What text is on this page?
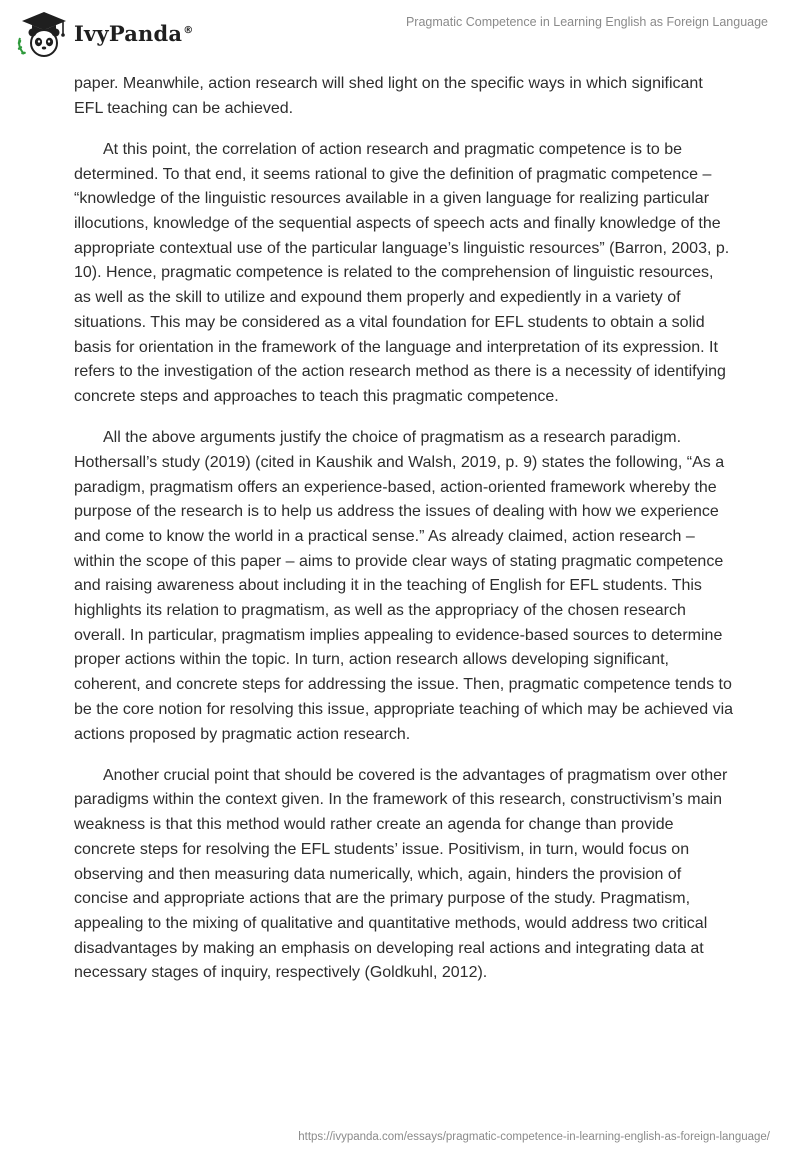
IvyPanda®
Pragmatic Competence in Learning English as Foreign Language

paper. Meanwhile, action research will shed light on the specific ways in which significant EFL teaching can be achieved.

At this point, the correlation of action research and pragmatic competence is to be determined. To that end, it seems rational to give the definition of pragmatic competence – “knowledge of the linguistic resources available in a given language for realizing particular illocutions, knowledge of the sequential aspects of speech acts and finally knowledge of the appropriate contextual use of the particular language’s linguistic resources” (Barron, 2003, p. 10). Hence, pragmatic competence is related to the comprehension of linguistic resources, as well as the skill to utilize and expound them properly and expediently in a variety of situations. This may be considered as a vital foundation for EFL students to obtain a solid basis for orientation in the framework of the language and interpretation of its expression. It refers to the investigation of the action research method as there is a necessity of identifying concrete steps and approaches to teach this pragmatic competence.

All the above arguments justify the choice of pragmatism as a research paradigm. Hothersall’s study (2019) (cited in Kaushik and Walsh, 2019, p. 9) states the following, “As a paradigm, pragmatism offers an experience-based, action-oriented framework whereby the purpose of the research is to help us address the issues of dealing with how we experience and come to know the world in a practical sense.” As already claimed, action research – within the scope of this paper – aims to provide clear ways of stating pragmatic competence and raising awareness about including it in the teaching of English for EFL students. This highlights its relation to pragmatism, as well as the appropriacy of the chosen research overall. In particular, pragmatism implies appealing to evidence-based sources to determine proper actions within the topic. In turn, action research allows developing significant, coherent, and concrete steps for addressing the issue. Then, pragmatic competence tends to be the core notion for resolving this issue, appropriate teaching of which may be achieved via actions proposed by pragmatic action research.

Another crucial point that should be covered is the advantages of pragmatism over other paradigms within the context given. In the framework of this research, constructivism’s main weakness is that this method would rather create an agenda for change than provide concrete steps for resolving the EFL students’ issue. Positivism, in turn, would focus on observing and then measuring data numerically, which, again, hinders the provision of concise and appropriate actions that are the primary purpose of the study. Pragmatism, appealing to the mixing of qualitative and quantitative methods, would address two critical disadvantages by making an emphasis on developing real actions and integrating data at necessary stages of inquiry, respectively (Goldkuhl, 2012).

https://ivypanda.com/essays/pragmatic-competence-in-learning-english-as-foreign-language/
